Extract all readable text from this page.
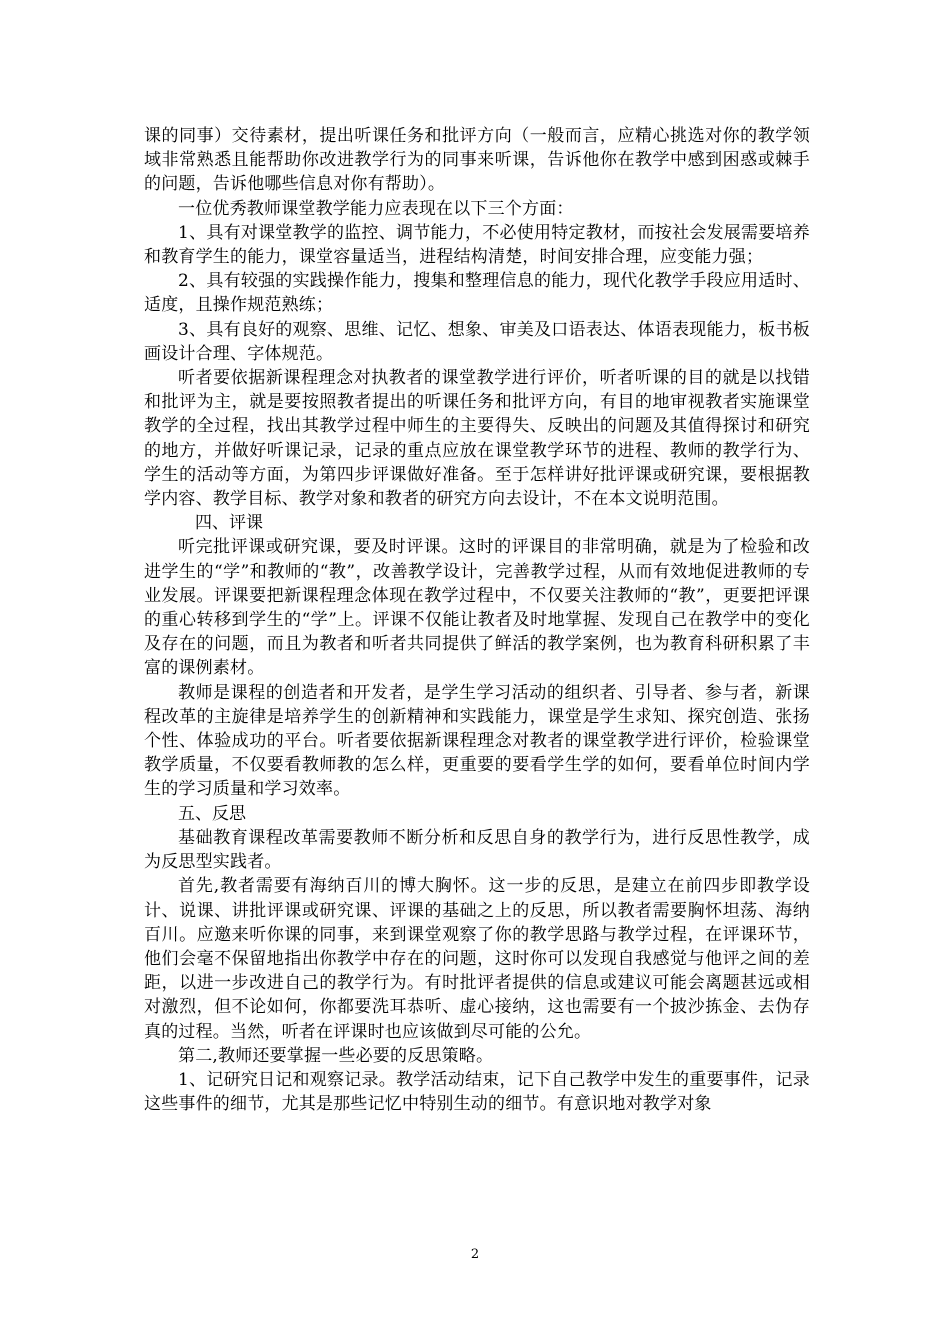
课的同事）交待素材，提出听课任务和批评方向（一般而言，应精心挑选对你的教学领域非常熟悉且能帮助你改进教学行为的同事来听课，告诉他你在教学中感到困惑或棘手的问题，告诉他哪些信息对你有帮助）。

一位优秀教师课堂教学能力应表现在以下三个方面：

1、具有对课堂教学的监控、调节能力，不必使用特定教材，而按社会发展需要培养和教育学生的能力，课堂容量适当，进程结构清楚，时间安排合理，应变能力强；

2、具有较强的实践操作能力，搜集和整理信息的能力，现代化教学手段应用适时、适度，且操作规范熟练；

3、具有良好的观察、思维、记忆、想象、审美及口语表达、体语表现能力，板书板画设计合理、字体规范。

听者要依据新课程理念对执教者的课堂教学进行评价，听者听课的目的就是以找错和批评为主，就是要按照教者提出的听课任务和批评方向，有目的地审视教者实施课堂教学的全过程，找出其教学过程中师生的主要得失、反映出的问题及其值得探讨和研究的地方，并做好听课记录，记录的重点应放在课堂教学环节的进程、教师的教学行为、学生的活动等方面，为第四步评课做好准备。至于怎样讲好批评课或研究课，要根据教学内容、教学目标、教学对象和教者的研究方向去设计，不在本文说明范围。

四、评课

听完批评课或研究课，要及时评课。这时的评课目的非常明确，就是为了检验和改进学生的“学”和教师的“教”，改善教学设计，完善教学过程，从而有效地促进教师的专业发展。评课要把新课程理念体现在教学过程中，不仅要关注教师的“教”，更要把评课的重心转移到学生的“学”上。评课不仅能让教者及时地掌握、发现自己在教学中的变化及存在的问题，而且为教者和听者共同提供了鲜活的教学案例，也为教育科研积累了丰富的课例素材。

教师是课程的创造者和开发者，是学生学习活动的组织者、引导者、参与者，新课程改革的主旋律是培养学生的创新精神和实践能力，课堂是学生求知、探究创造、张扬个性、体验成功的平台。听者要依据新课程理念对教者的课堂教学进行评价，检验课堂教学质量，不仅要看教师教的怎么样，更重要的要看学生学的如何，要看单位时间内学生的学习质量和学习效率。

五、反思

基础教育课程改革需要教师不断分析和反思自身的教学行为，进行反思性教学，成为反思型实践者。

首先,教者需要有海纳百川的博大胸怀。这一步的反思，是建立在前四步即教学设计、说课、讲批评课或研究课、评课的基础之上的反思，所以教者需要胸怀坦荡、海纳百川。应邀来听你课的同事，来到课堂观察了你的教学思路与教学过程，在评课环节，他们会毫不保留地指出你教学中存在的问题，这时你可以发现自我感觉与他评之间的差距，以进一步改进自己的教学行为。有时批评者提供的信息或建议可能会离题甚远或相对激烈，但不论如何，你都要洗耳恭听、虚心接纳，这也需要有一个披沙拣金、去伪存真的过程。当然，听者在评课时也应该做到尽可能的公允。

第二,教师还要掌握一些必要的反思策略。

1、记研究日记和观察记录。教学活动结束，记下自己教学中发生的重要事件，记录这些事件的细节，尤其是那些记忆中特别生动的细节。有意识地对教学对象

2
